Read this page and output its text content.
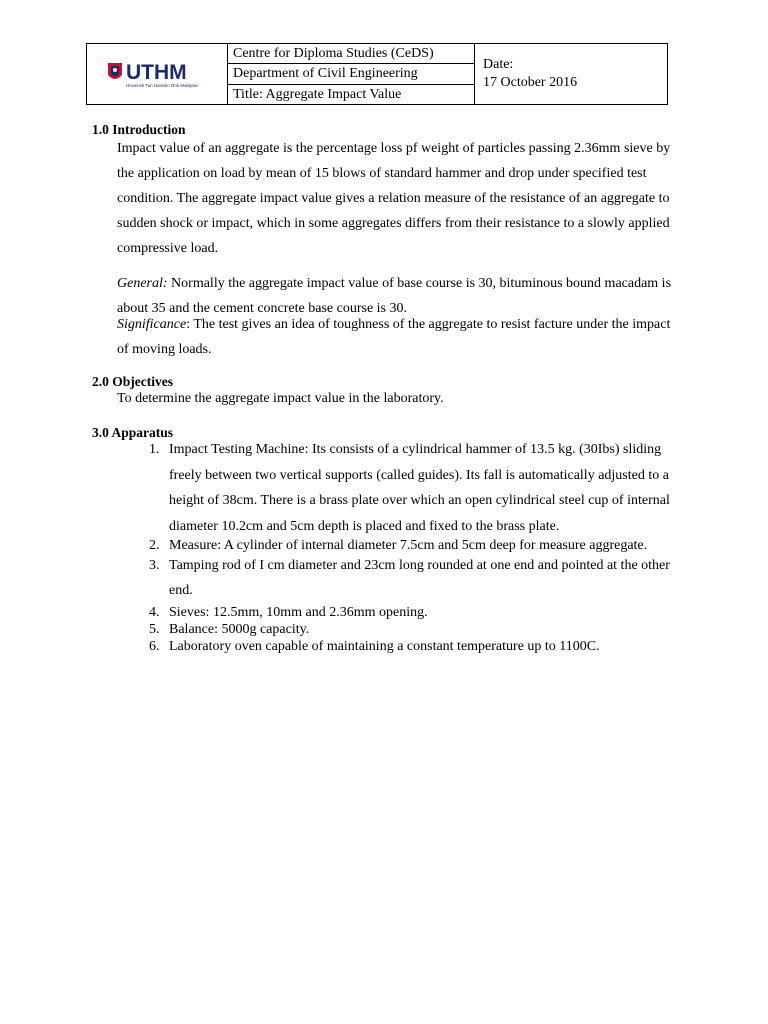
UTHM
Universiti Tun Hussein Onn Malaysia
Centre for Diploma Studies (CeDS)
Department of Civil Engineering
Title: Aggregate Impact Value
Date:
17 October 2016
1.0 Introduction

Impact value of an aggregate is the percentage loss pf weight of particles passing 2.36mm sieve by the application on load by mean of 15 blows of standard hammer and drop under specified test condition. The aggregate impact value gives a relation measure of the resistance of an aggregate to sudden shock or impact, which in some aggregates differs from their resistance to a slowly applied compressive load.

General: Normally the aggregate impact value of base course is 30, bituminous bound macadam is about 35 and the cement concrete base course is 30.

Significance: The test gives an idea of toughness of the aggregate to resist facture under the impact of moving loads.

2.0 Objectives

To determine the aggregate impact value in the laboratory.

3.0 Apparatus
1. Impact Testing Machine: Its consists of a cylindrical hammer of 13.5 kg. (30Ibs) sliding freely between two vertical supports (called guides). Its fall is automatically adjusted to a height of 38cm. There is a brass plate over which an open cylindrical steel cup of internal diameter 10.2cm and 5cm depth is placed and fixed to the brass plate.
2. Measure: A cylinder of internal diameter 7.5cm and 5cm deep for measure aggregate.
3. Tamping rod of I cm diameter and 23cm long rounded at one end and pointed at the other end.
4. Sieves: 12.5mm, 10mm and 2.36mm opening.
5. Balance: 5000g capacity.
6. Laboratory oven capable of maintaining a constant temperature up to 1100C.
